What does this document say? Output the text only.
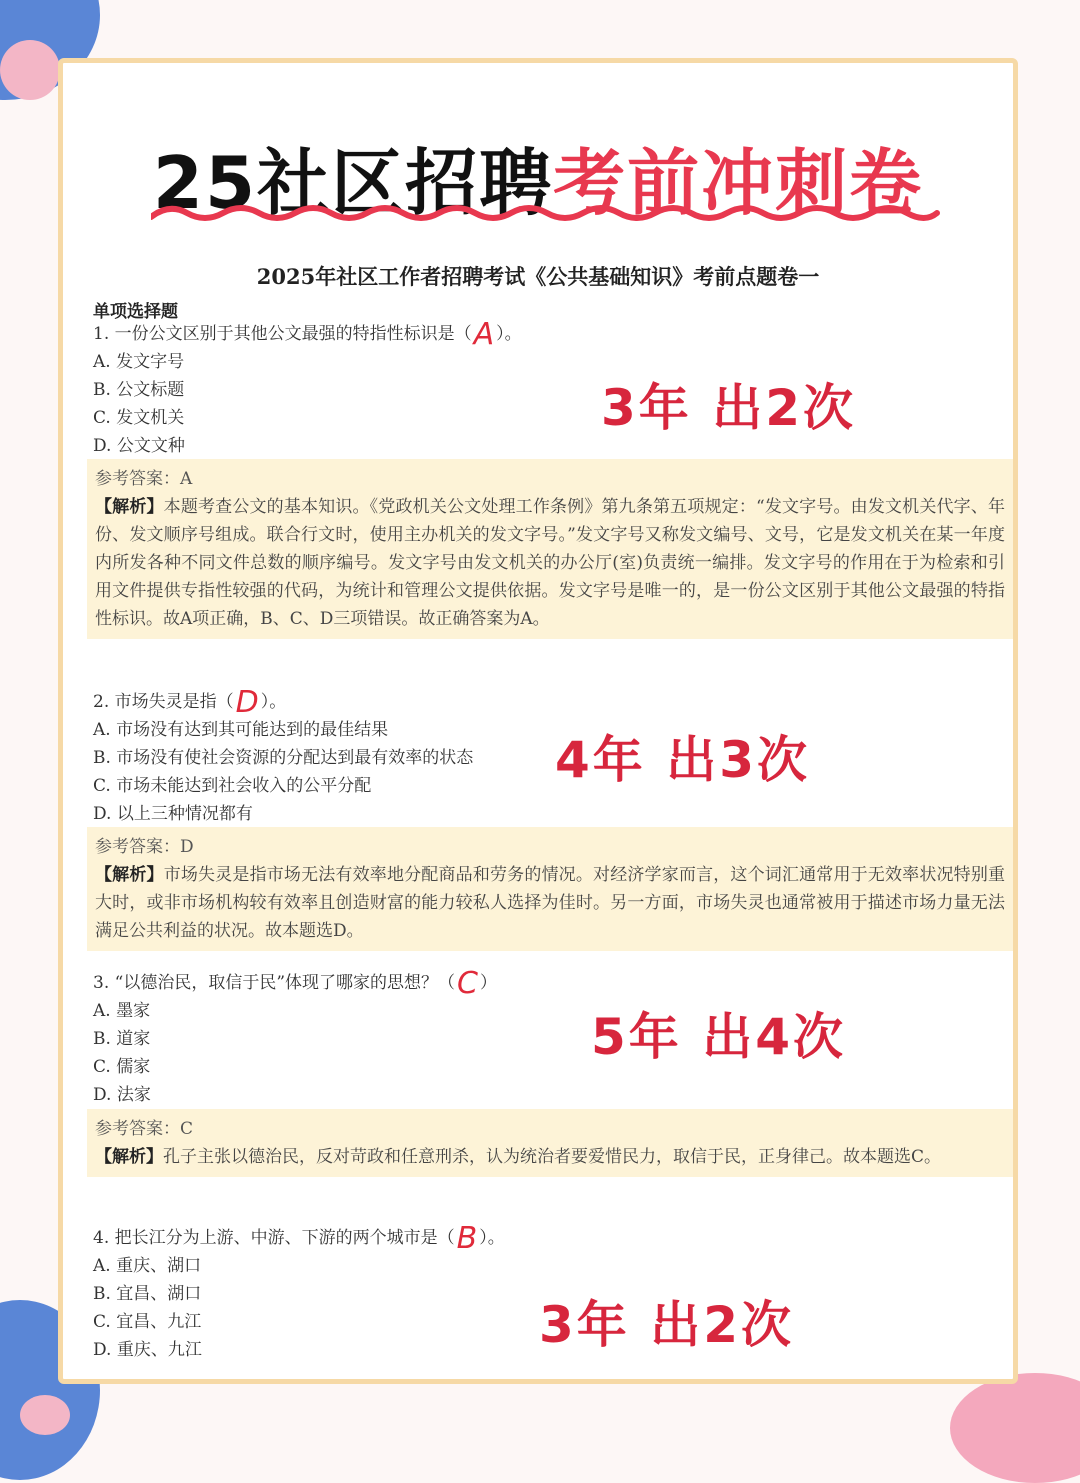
25社区招聘考前冲刺卷
2025年社区工作者招聘考试《公共基础知识》考前点题卷一
单项选择题
1. 一份公文区别于其他公文最强的特指性标识是（A ）。
A. 发文字号
B. 公文标题
C. 发文机关
D. 公文文种
3年 出2次
参考答案：A
【解析】本题考查公文的基本知识。《党政机关公文处理工作条例》第九条第五项规定：“发文字号。由发文机关代字、年份、发文顺序号组成。联合行文时，使用主办机关的发文字号。”发文字号又称发文编号、文号，它是发文机关在某一年度内所发各种不同文件总数的顺序编号。发文字号由发文机关的办公厅(室)负责统一编排。发文字号的作用在于为检索和引用文件提供专指性较强的代码，为统计和管理公文提供依据。发文字号是唯一的，是一份公文区别于其他公文最强的特指性标识。故A项正确，B、C、D三项错误。故正确答案为A。
2. 市场失灵是指（D ）。
A. 市场没有达到其可能达到的最佳结果
B. 市场没有使社会资源的分配达到最有效率的状态
C. 市场未能达到社会收入的公平分配
D. 以上三种情况都有
4年 出3次
参考答案：D
【解析】市场失灵是指市场无法有效率地分配商品和劳务的情况。对经济学家而言，这个词汇通常用于无效率状况特别重大时，或非市场机构较有效率且创造财富的能力较私人选择为佳时。另一方面，市场失灵也通常被用于描述市场力量无法满足公共利益的状况。故本题选D。
3. “以德治民，取信于民”体现了哪家的思想？（C ）
A. 墨家
B. 道家
C. 儒家
D. 法家
5年 出4次
参考答案：C
【解析】孔子主张以德治民，反对苛政和任意刑杀，认为统治者要爱惜民力，取信于民，正身律己。故本题选C。
4. 把长江分为上游、中游、下游的两个城市是（B ）。
A. 重庆、湖口
B. 宜昌、湖口
C. 宜昌、九江
D. 重庆、九江	3年 出2次
